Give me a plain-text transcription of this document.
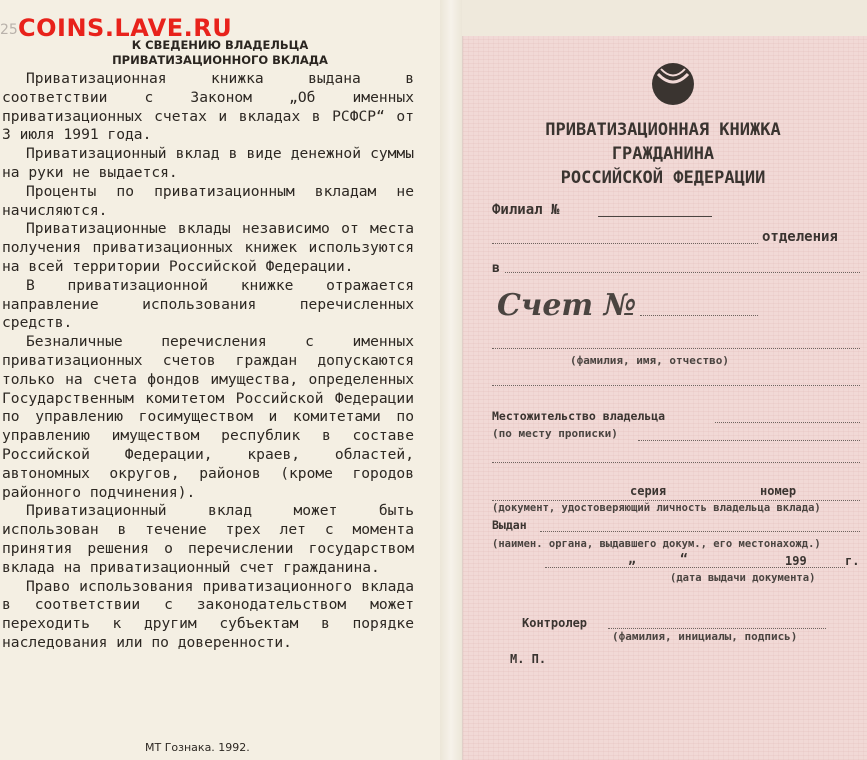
25 COINS.LAVE.RU
К СВЕДЕНИЮ ВЛАДЕЛЬЦА
ПРИВАТИЗАЦИОННОГО ВКЛАДА

Приватизационная книжка выдана в соответствии с Законом „Об именных приватизационных счетах и вкладах в РСФСР“ от 3 июля 1991 года.

Приватизационный вклад в виде денежной суммы на руки не выдается.

Проценты по приватизационным вкладам не начисляются.

Приватизационные вклады независимо от места получения приватизационных книжек используются на всей территории Российской Федерации.

В приватизационной книжке отражается направление использования перечисленных средств.

Безналичные перечисления с именных приватизационных счетов граждан допускаются только на счета фондов имущества, определенных Государственным комитетом Российской Федерации по управлению госимуществом и комитетами по управлению имуществом республик в составе Российской Федерации, краев, областей, автономных округов, районов (кроме городов районного подчинения).

Приватизационный вклад может быть использован в течение трех лет с момента принятия решения о перечислении государством вклада на приватизационный счет гражданина.

Право использования приватизационного вклада в соответствии с законодательством может переходить к другим субъектам в порядке наследования или по доверенности.

МТ Гознака. 1992.
ПРИВАТИЗАЦИОННАЯ КНИЖКА
ГРАЖДАНИНА
РОССИЙСКОЙ ФЕДЕРАЦИИ
Филиал №
отделения
в
Счет №
(фамилия, имя, отчество)
Местожительство владельца
(по месту прописки)
серия	номер
(документ, удостоверяющий личность владельца вклада)
Выдан
(наимен. органа, выдавшего докум., его местонахожд.)
„	“	199	г.
(дата выдачи документа)
Контролер
(фамилия, инициалы, подпись)
М. П.
